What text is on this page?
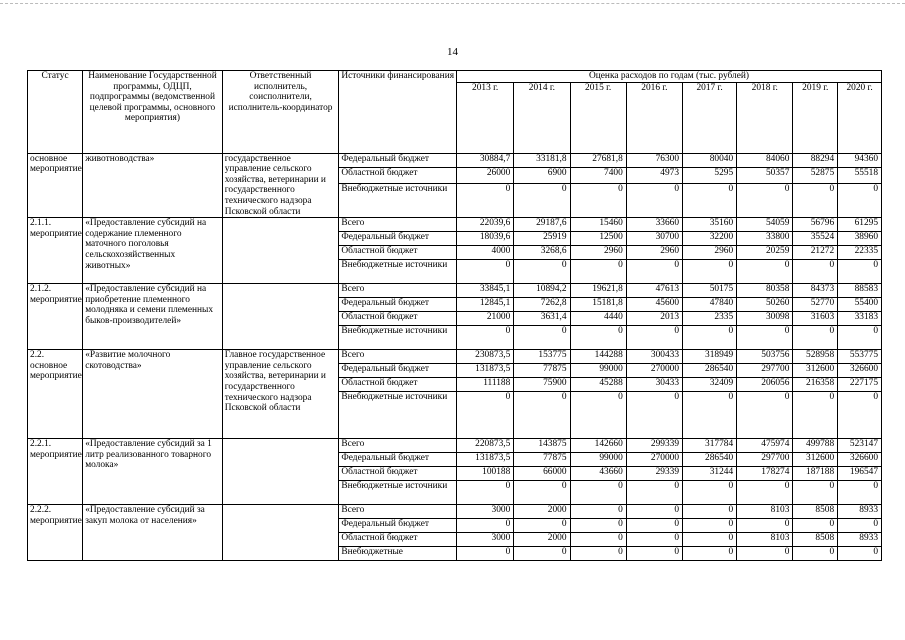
14
Статус	Наименование Государственной программы, ОДЦП, подпрограммы (ведомственной целевой программы, основного мероприятия)	Ответственный исполнитель, соисполнители, исполнитель-координатор	Источники финансирования	Оценка расходов по годам (тыс. рублей)							
				2013 г.	2014 г.	2015 г.	2016 г.	2017 г.	2018 г.	2019 г.	2020 г.
основное мероприятие	животноводства»	государственное управление сельского хозяйства, ветеринарии и государственного технического надзора Псковской области	Федеральный бюджет	30884,7	33181,8	27681,8	76300	80040	84060	88294	94360
			Областной бюджет	26000	6900	7400	4973	5295	50357	52875	55518
			Внебюджетные источники	0	0	0	0	0	0	0	0
2.1.1. мероприятие	«Предоставление субсидий на содержание племенного маточного поголовья сельскохозяйственных животных»		Всего	22039,6	29187,6	15460	33660	35160	54059	56796	61295
			Федеральный бюджет	18039,6	25919	12500	30700	32200	33800	35524	38960
			Областной бюджет	4000	3268,6	2960	2960	2960	20259	21272	22335
			Внебюджетные источники	0	0	0	0	0	0	0	0
2.1.2. мероприятие	«Предоставление субсидий на приобретение племенного молодняка и семени племенных быков-производителей»		Всего	33845,1	10894,2	19621,8	47613	50175	80358	84373	88583
			Федеральный бюджет	12845,1	7262,8	15181,8	45600	47840	50260	52770	55400
			Областной бюджет	21000	3631,4	4440	2013	2335	30098	31603	33183
			Внебюджетные источники	0	0	0	0	0	0	0	0
2.2. основное мероприятие	«Развитие молочного скотоводства»	Главное государственное управление сельского хозяйства, ветеринарии и государственного технического надзора Псковской области	Всего	230873,5	153775	144288	300433	318949	503756	528958	553775
			Федеральный бюджет	131873,5	77875	99000	270000	286540	297700	312600	326600
			Областной бюджет	111188	75900	45288	30433	32409	206056	216358	227175
			Внебюджетные источники	0	0	0	0	0	0	0	0
2.2.1. мероприятие	«Предоставление субсидий за 1 литр реализованного товарного молока»		Всего	220873,5	143875	142660	299339	317784	475974	499788	523147
			Федеральный бюджет	131873,5	77875	99000	270000	286540	297700	312600	326600
			Областной бюджет	100188	66000	43660	29339	31244	178274	187188	196547
			Внебюджетные источники	0	0	0	0	0	0	0	0
2.2.2. мероприятие	«Предоставление субсидий за закуп молока от населения»		Всего	3000	2000	0	0	0	8103	8508	8933
			Федеральный бюджет	0	0	0	0	0	0	0	0
			Областной бюджет	3000	2000	0	0	0	8103	8508	8933
			Внебюджетные	0	0	0	0	0	0	0	0
